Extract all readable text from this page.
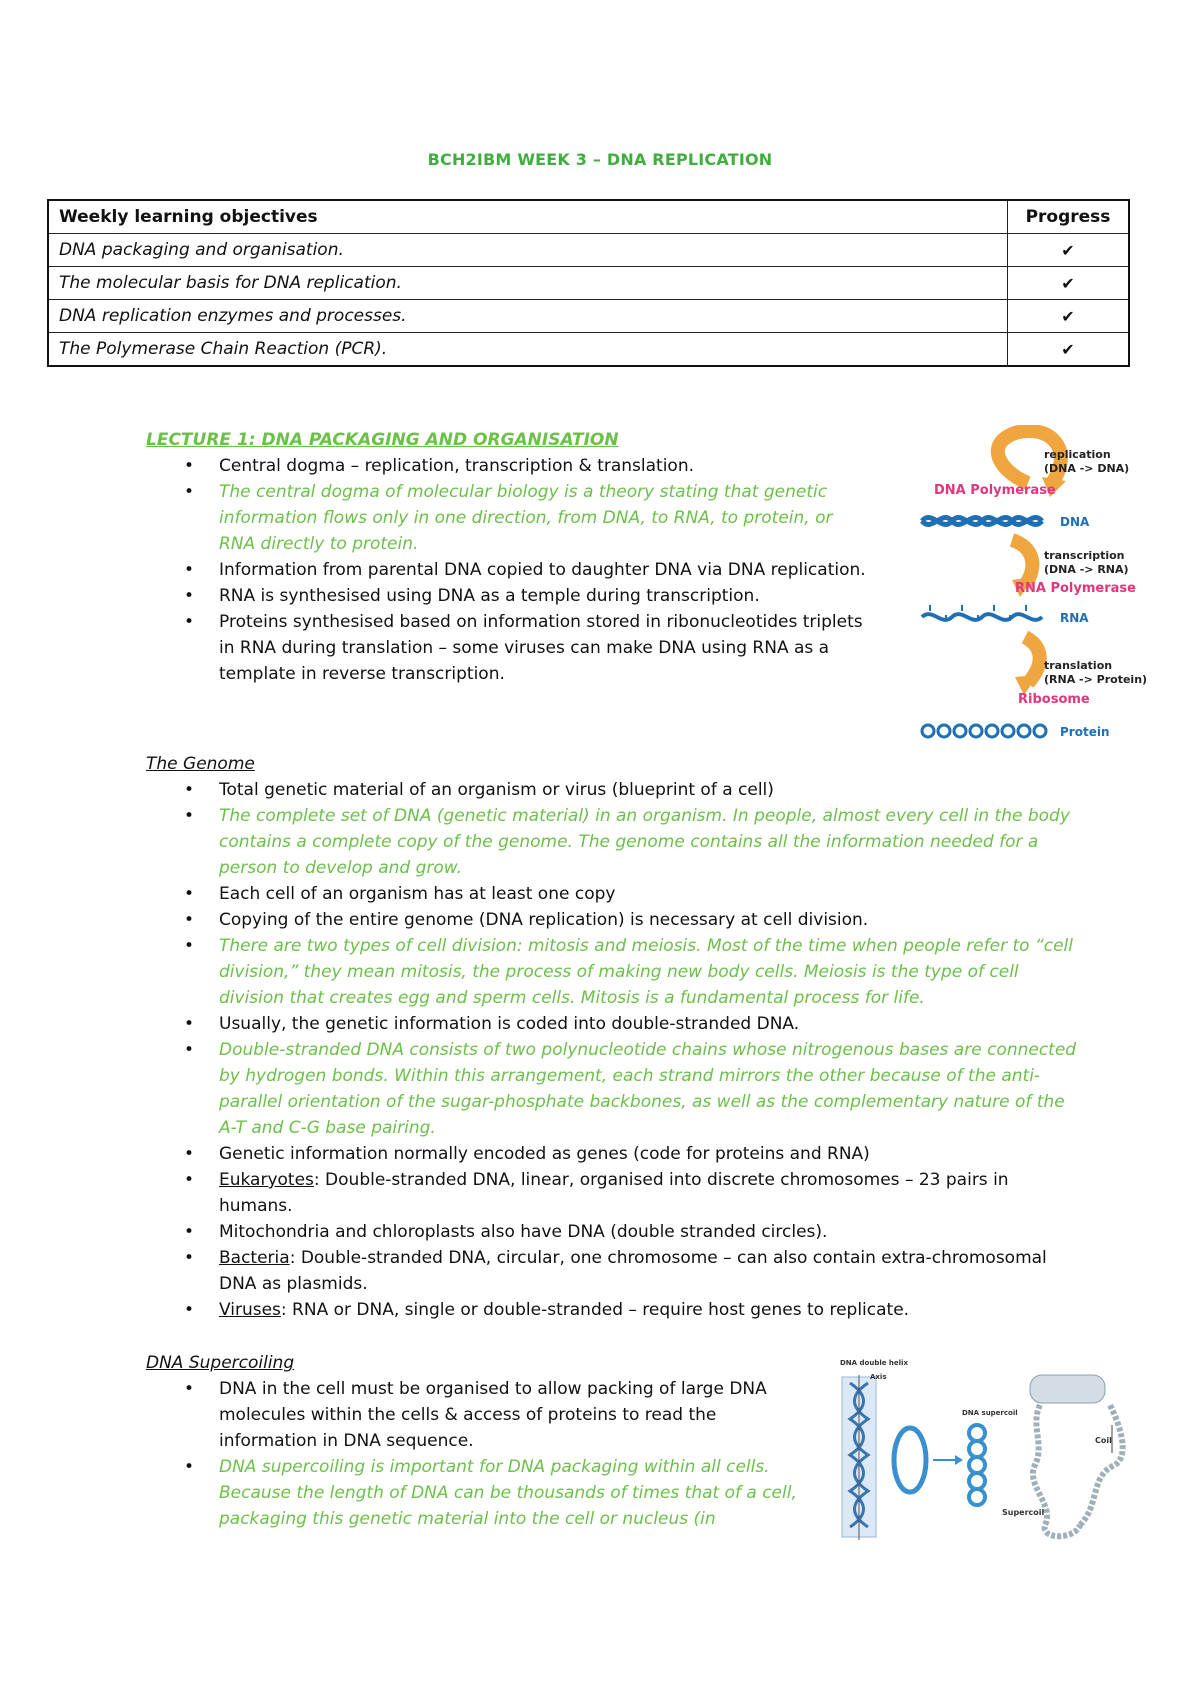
BCH2IBM WEEK 3 – DNA REPLICATION
Weekly learning objectives	Progress
DNA packaging and organisation.	✔
The molecular basis for DNA replication.	✔
DNA replication enzymes and processes.	✔
The Polymerase Chain Reaction (PCR).	✔
LECTURE 1: DNA PACKAGING AND ORGANISATION
• Central dogma – replication, transcription & translation.
• The central dogma of molecular biology is a theory stating that genetic information flows only in one direction, from DNA, to RNA, to protein, or RNA directly to protein.
• Information from parental DNA copied to daughter DNA via DNA replication.
• RNA is synthesised using DNA as a temple during transcription.
• Proteins synthesised based on information stored in ribonucleotides triplets in RNA during translation – some viruses can make DNA using RNA as a template in reverse transcription.
replication
(DNA -> DNA)
DNA Polymerase
DNA
transcription
(DNA -> RNA)
RNA Polymerase
RNA
translation
(RNA -> Protein)
Ribosome
Protein
The Genome
• Total genetic material of an organism or virus (blueprint of a cell)
• The complete set of DNA (genetic material) in an organism. In people, almost every cell in the body contains a complete copy of the genome. The genome contains all the information needed for a person to develop and grow.
• Each cell of an organism has at least one copy
• Copying of the entire genome (DNA replication) is necessary at cell division.
• There are two types of cell division: mitosis and meiosis. Most of the time when people refer to “cell division,” they mean mitosis, the process of making new body cells. Meiosis is the type of cell division that creates egg and sperm cells. Mitosis is a fundamental process for life.
• Usually, the genetic information is coded into double-stranded DNA.
• Double-stranded DNA consists of two polynucleotide chains whose nitrogenous bases are connected by hydrogen bonds. Within this arrangement, each strand mirrors the other because of the anti-parallel orientation of the sugar-phosphate backbones, as well as the complementary nature of the A-T and C-G base pairing.
• Genetic information normally encoded as genes (code for proteins and RNA)
• Eukaryotes: Double-stranded DNA, linear, organised into discrete chromosomes – 23 pairs in humans.
• Mitochondria and chloroplasts also have DNA (double stranded circles).
• Bacteria: Double-stranded DNA, circular, one chromosome – can also contain extra-chromosomal DNA as plasmids.
• Viruses: RNA or DNA, single or double-stranded – require host genes to replicate.
DNA Supercoiling
• DNA in the cell must be organised to allow packing of large DNA molecules within the cells & access of proteins to read the information in DNA sequence.
• DNA supercoiling is important for DNA packaging within all cells. Because the length of DNA can be thousands of times that of a cell, packaging this genetic material into the cell or nucleus (in
DNA double helix
Axis
DNA supercoil
Coil
Supercoil
